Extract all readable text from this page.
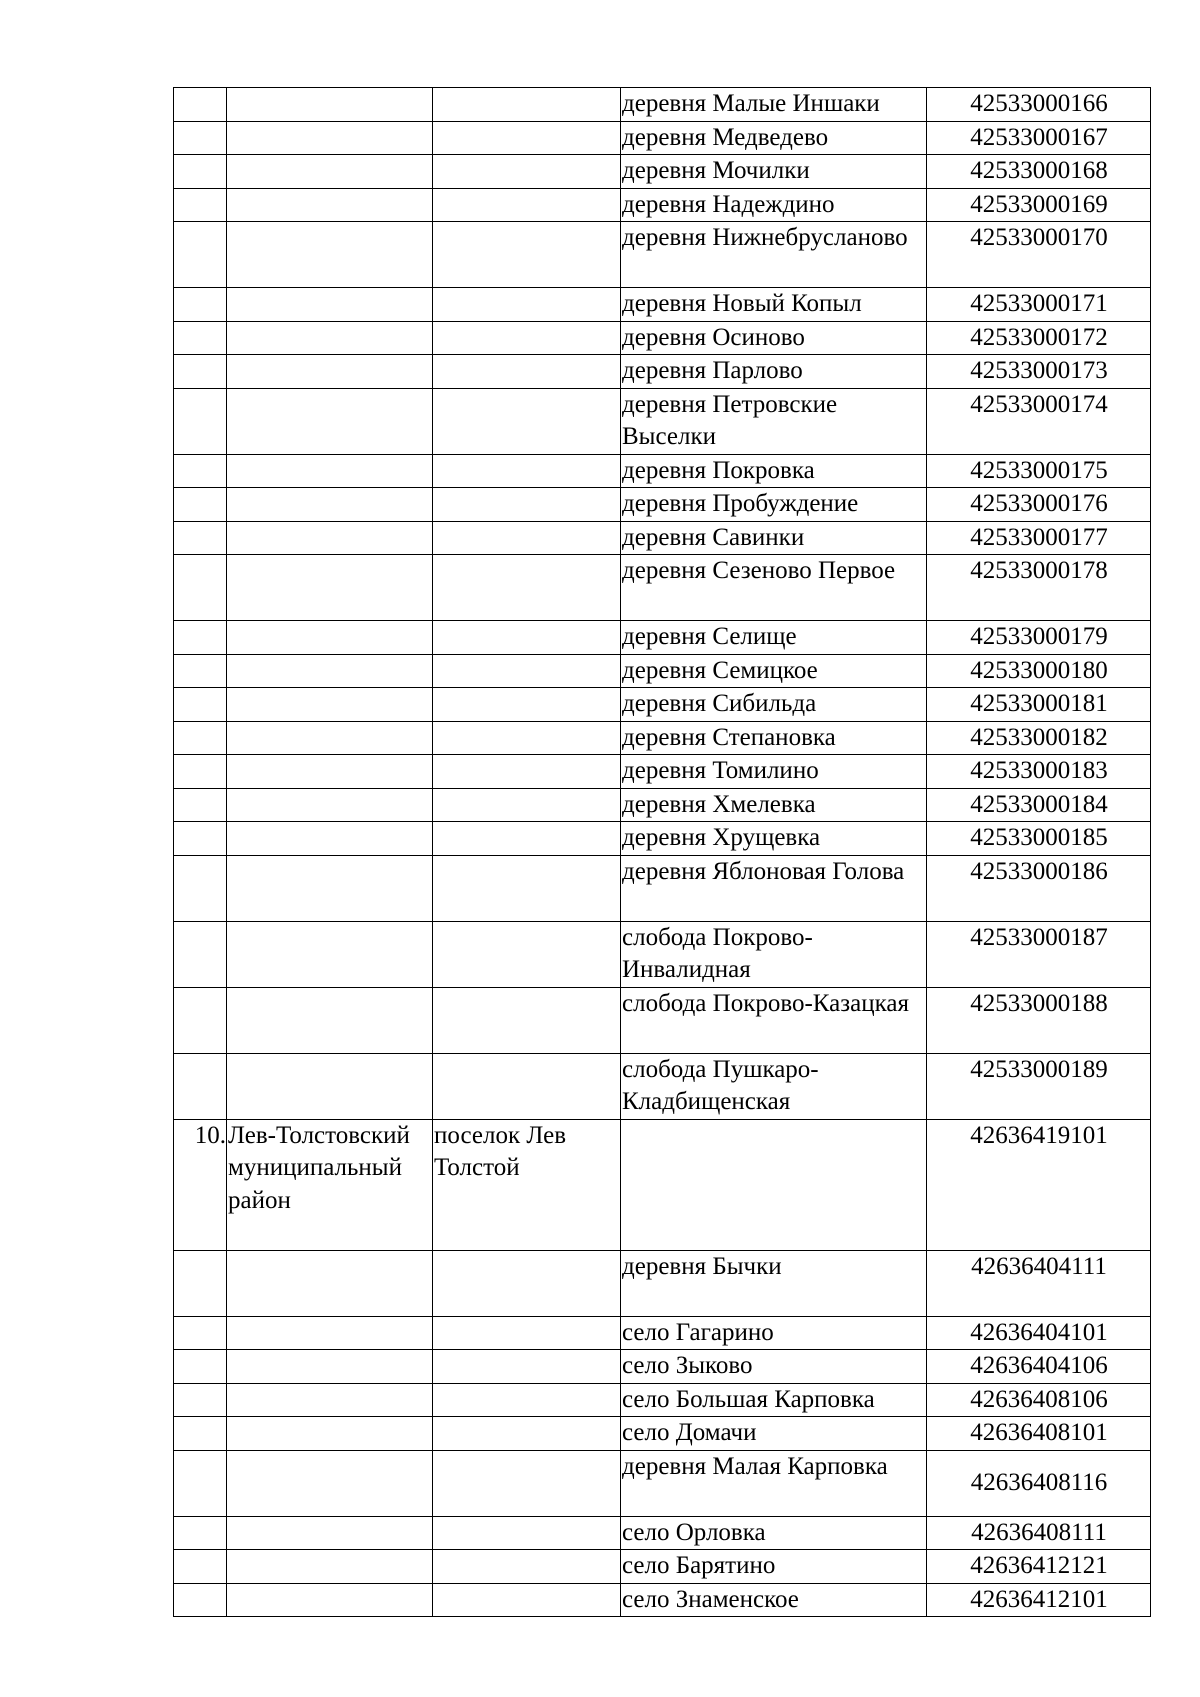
			деревня Малые Иншаки	42533000166
			деревня Медведево	42533000167
			деревня Мочилки	42533000168
			деревня Надеждино	42533000169
			деревня Нижнебруcланово	42533000170
			деревня Новый Копыл	42533000171
			деревня Осиново	42533000172
			деревня Парлово	42533000173
			деревня Петровские Выселки	42533000174
			деревня Покровка	42533000175
			деревня Пробуждение	42533000176
			деревня Савинки	42533000177
			деревня Сезеново Первое	42533000178
			деревня Селище	42533000179
			деревня Семицкое	42533000180
			деревня Сибильда	42533000181
			деревня Степановка	42533000182
			деревня Томилино	42533000183
			деревня Хмелевка	42533000184
			деревня Хрущевка	42533000185
			деревня Яблоновая Голова	42533000186
			слобода Покрово-Инвалидная	42533000187
			слобода Покрово-Казацкая	42533000188
			слобода Пушкаро-Кладбищенская	42533000189
10.	Лев-Толстовский муниципальный район	поселок Лев Толстой		42636419101
			деревня Бычки	42636404111
			село Гагарино	42636404101
			село Зыково	42636404106
			село Большая Карповка	42636408106
			село Домачи	42636408101
			деревня Малая Карповка	42636408116
			село Орловка	42636408111
			село Барятино	42636412121
			село Знаменское	42636412101
